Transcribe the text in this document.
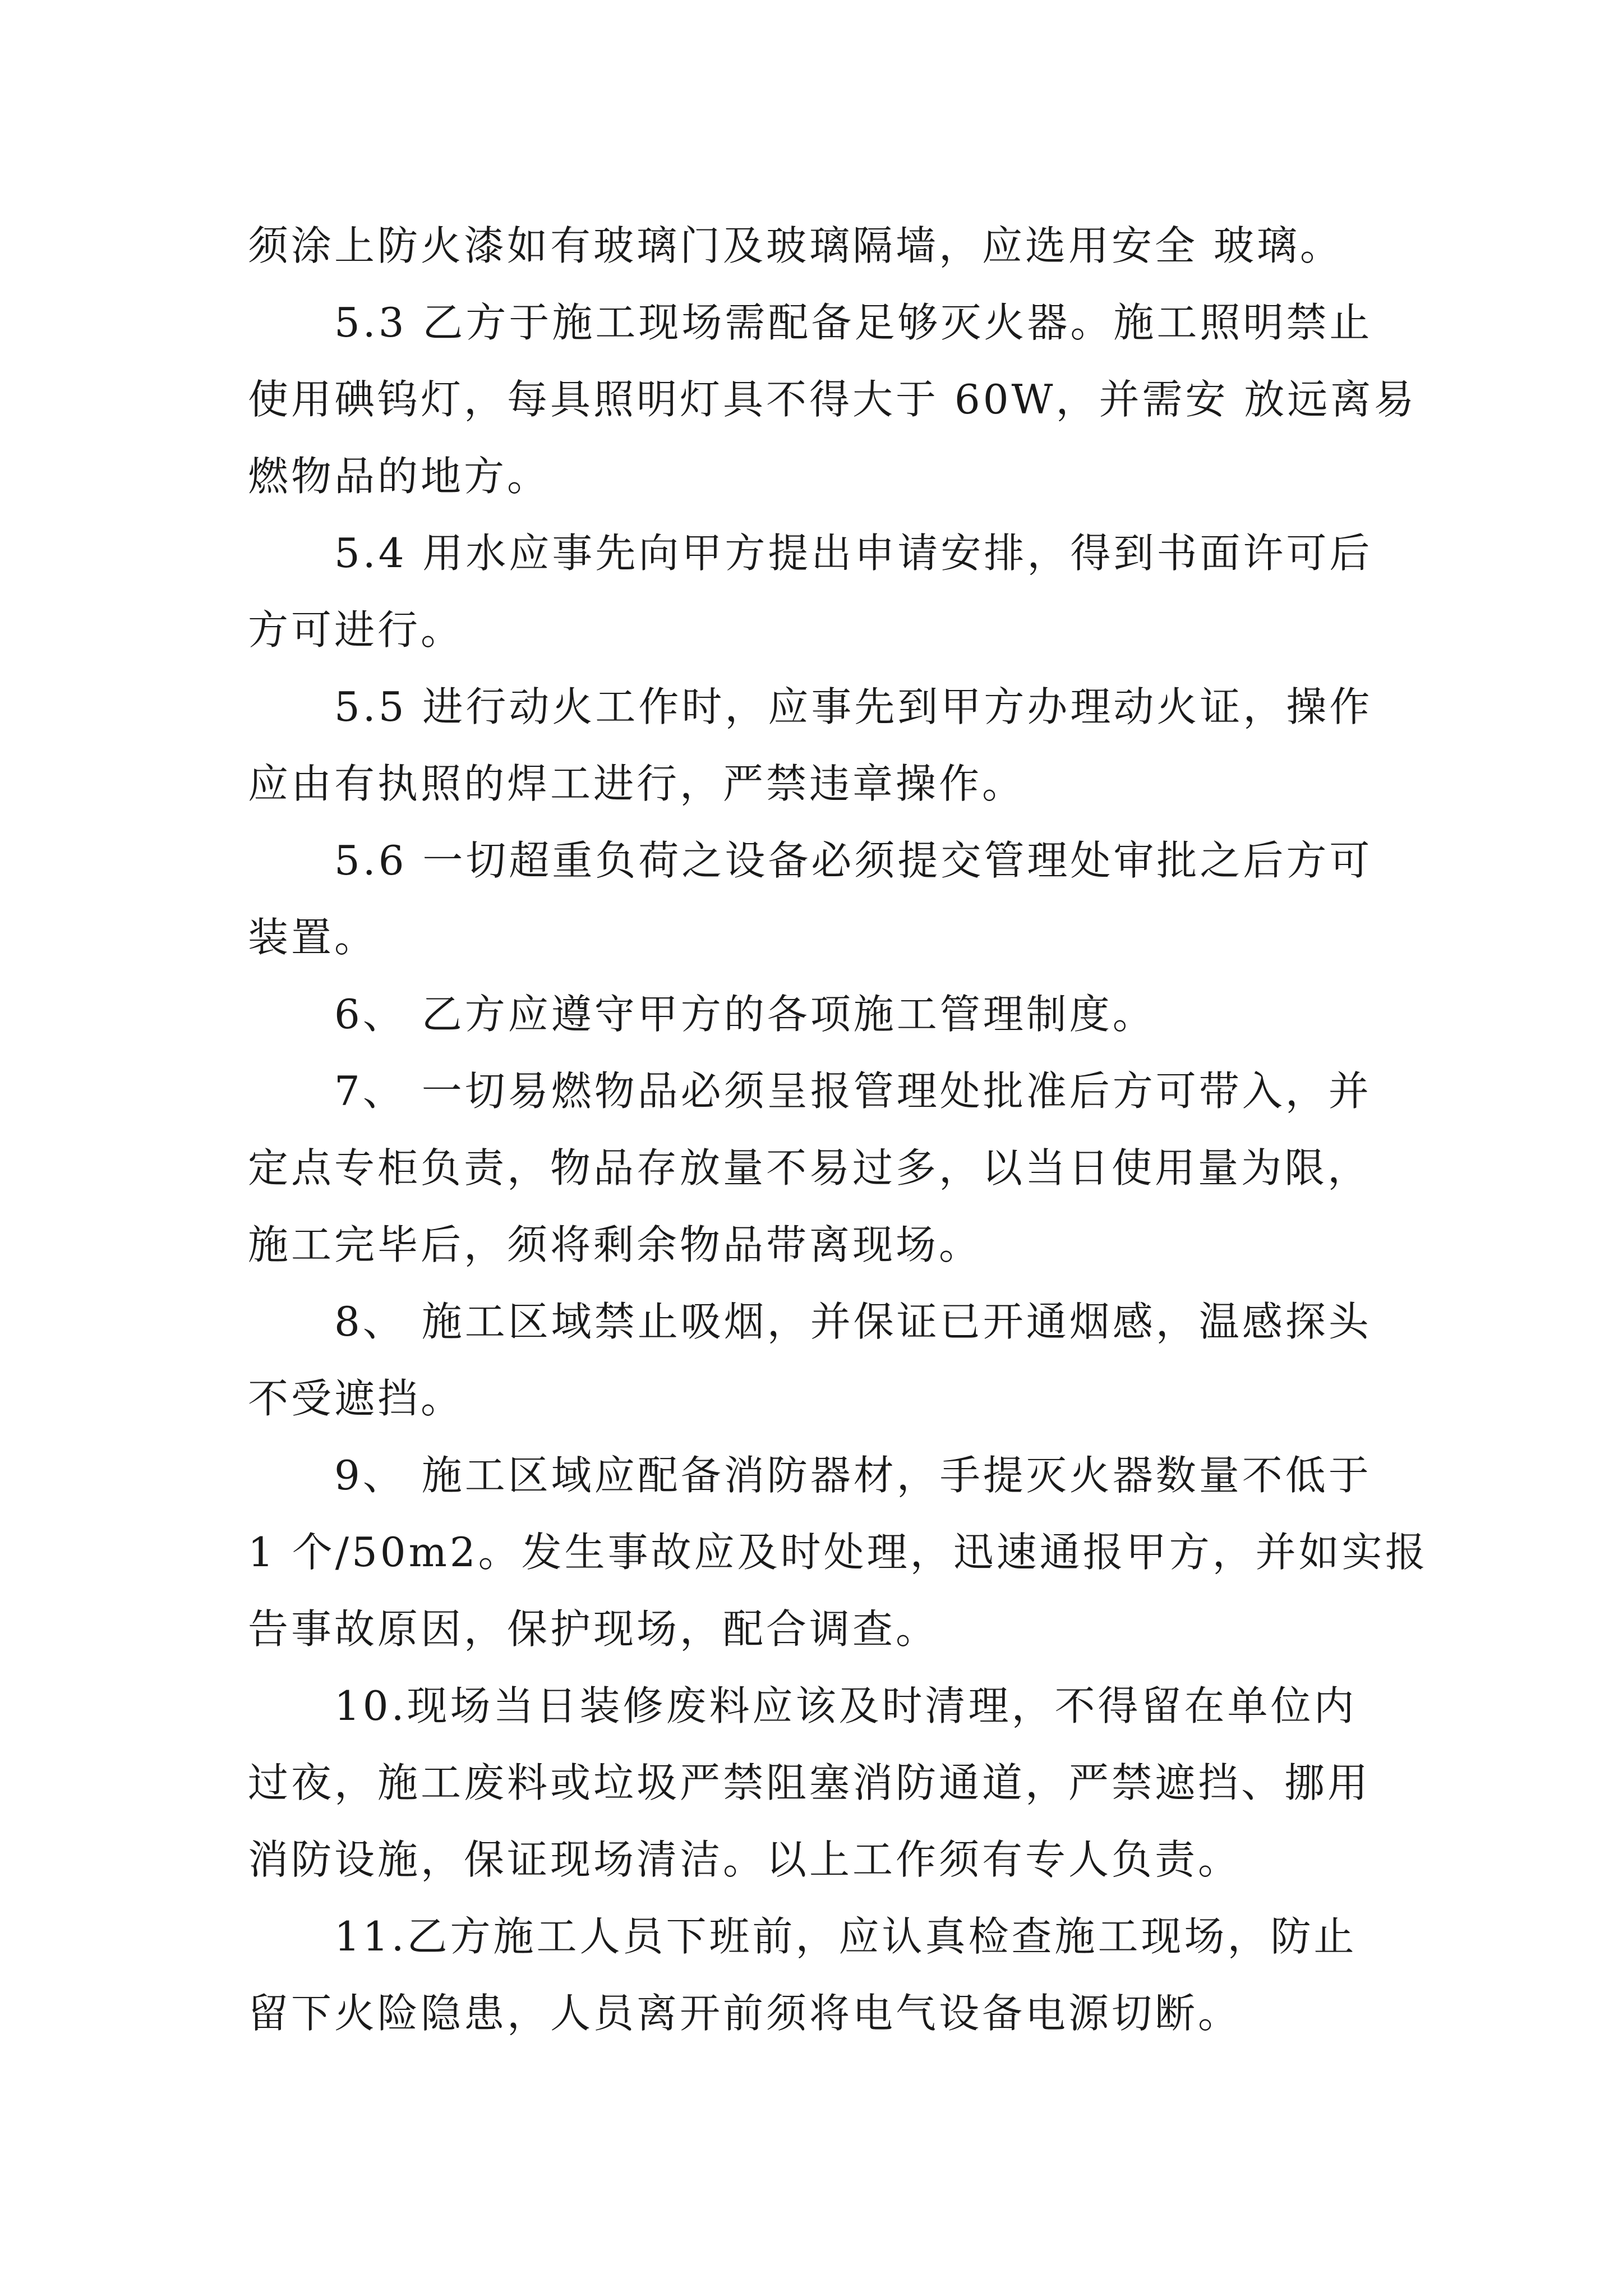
须涂上防火漆如有玻璃门及玻璃隔墙，应选用安全 玻璃。
5.3 乙方于施工现场需配备足够灭火器。施工照明禁止
使用碘钨灯，每具照明灯具不得大于 60W，并需安 放远离易
燃物品的地方。
5.4 用水应事先向甲方提出申请安排，得到书面许可后
方可进行。
5.5 进行动火工作时，应事先到甲方办理动火证，操作
应由有执照的焊工进行，严禁违章操作。
5.6 一切超重负荷之设备必须提交管理处审批之后方可
装置。
6、 乙方应遵守甲方的各项施工管理制度。
7、 一切易燃物品必须呈报管理处批准后方可带入，并
定点专柜负责，物品存放量不易过多，以当日使用量为限，
施工完毕后，须将剩余物品带离现场。
8、 施工区域禁止吸烟，并保证已开通烟感，温感探头
不受遮挡。
9、 施工区域应配备消防器材，手提灭火器数量不低于
1 个/50m2。发生事故应及时处理，迅速通报甲方，并如实报
告事故原因，保护现场，配合调查。
10.现场当日装修废料应该及时清理，不得留在单位内
过夜，施工废料或垃圾严禁阻塞消防通道，严禁遮挡、挪用
消防设施，保证现场清洁。以上工作须有专人负责。
11.乙方施工人员下班前，应认真检查施工现场，防止
留下火险隐患，人员离开前须将电气设备电源切断。
